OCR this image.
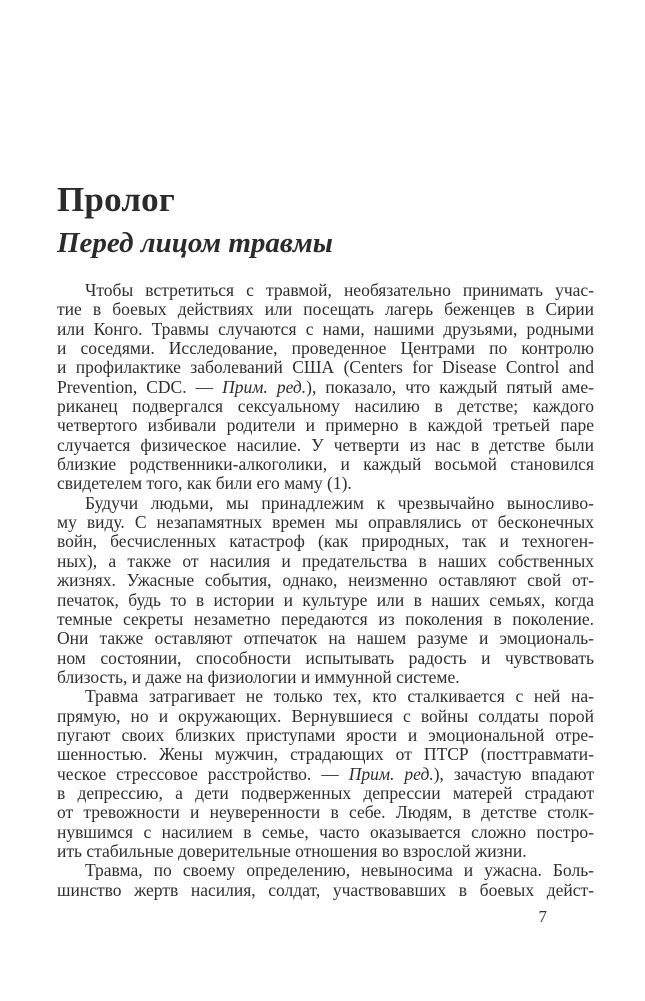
Пролог
Перед лицом травмы
Чтобы встретиться с травмой, необязательно принимать учас-
тие в боевых действиях или посещать лагерь беженцев в Сирии
или Конго. Травмы случаются с нами, нашими друзьями, родными
и соседями. Исследование, проведенное Центрами по контролю
и профилактике заболеваний США (Centers for Disease Control and
Prevention, CDC. — Прим. ред.), показало, что каждый пятый аме-
риканец подвергался сексуальному насилию в детстве; каждого
четвертого избивали родители и примерно в каждой третьей паре
случается физическое насилие. У четверти из нас в детстве были
близкие родственники-алкоголики, и каждый восьмой становился
свидетелем того, как били его маму (1).
Будучи людьми, мы принадлежим к чрезвычайно выносливо-
му виду. С незапамятных времен мы оправлялись от бесконечных
войн, бесчисленных катастроф (как природных, так и техноген-
ных), а также от насилия и предательства в наших собственных
жизнях. Ужасные события, однако, неизменно оставляют свой от-
печаток, будь то в истории и культуре или в наших семьях, когда
темные секреты незаметно передаются из поколения в поколение.
Они также оставляют отпечаток на нашем разуме и эмоциональ-
ном состоянии, способности испытывать радость и чувствовать
близость, и даже на физиологии и иммунной системе.
Травма затрагивает не только тех, кто сталкивается с ней на-
прямую, но и окружающих. Вернувшиеся с войны солдаты порой
пугают своих близких приступами ярости и эмоциональной отре-
шенностью. Жены мужчин, страдающих от ПТСР (посттравмати-
ческое стрессовое расстройство. — Прим. ред.), зачастую впадают
в депрессию, а дети подверженных депрессии матерей страдают
от тревожности и неуверенности в себе. Людям, в детстве столк-
нувшимся с насилием в семье, часто оказывается сложно постро-
ить стабильные доверительные отношения во взрослой жизни.
Травма, по своему определению, невыносима и ужасна. Боль-
шинство жертв насилия, солдат, участвовавших в боевых дейст-
7
